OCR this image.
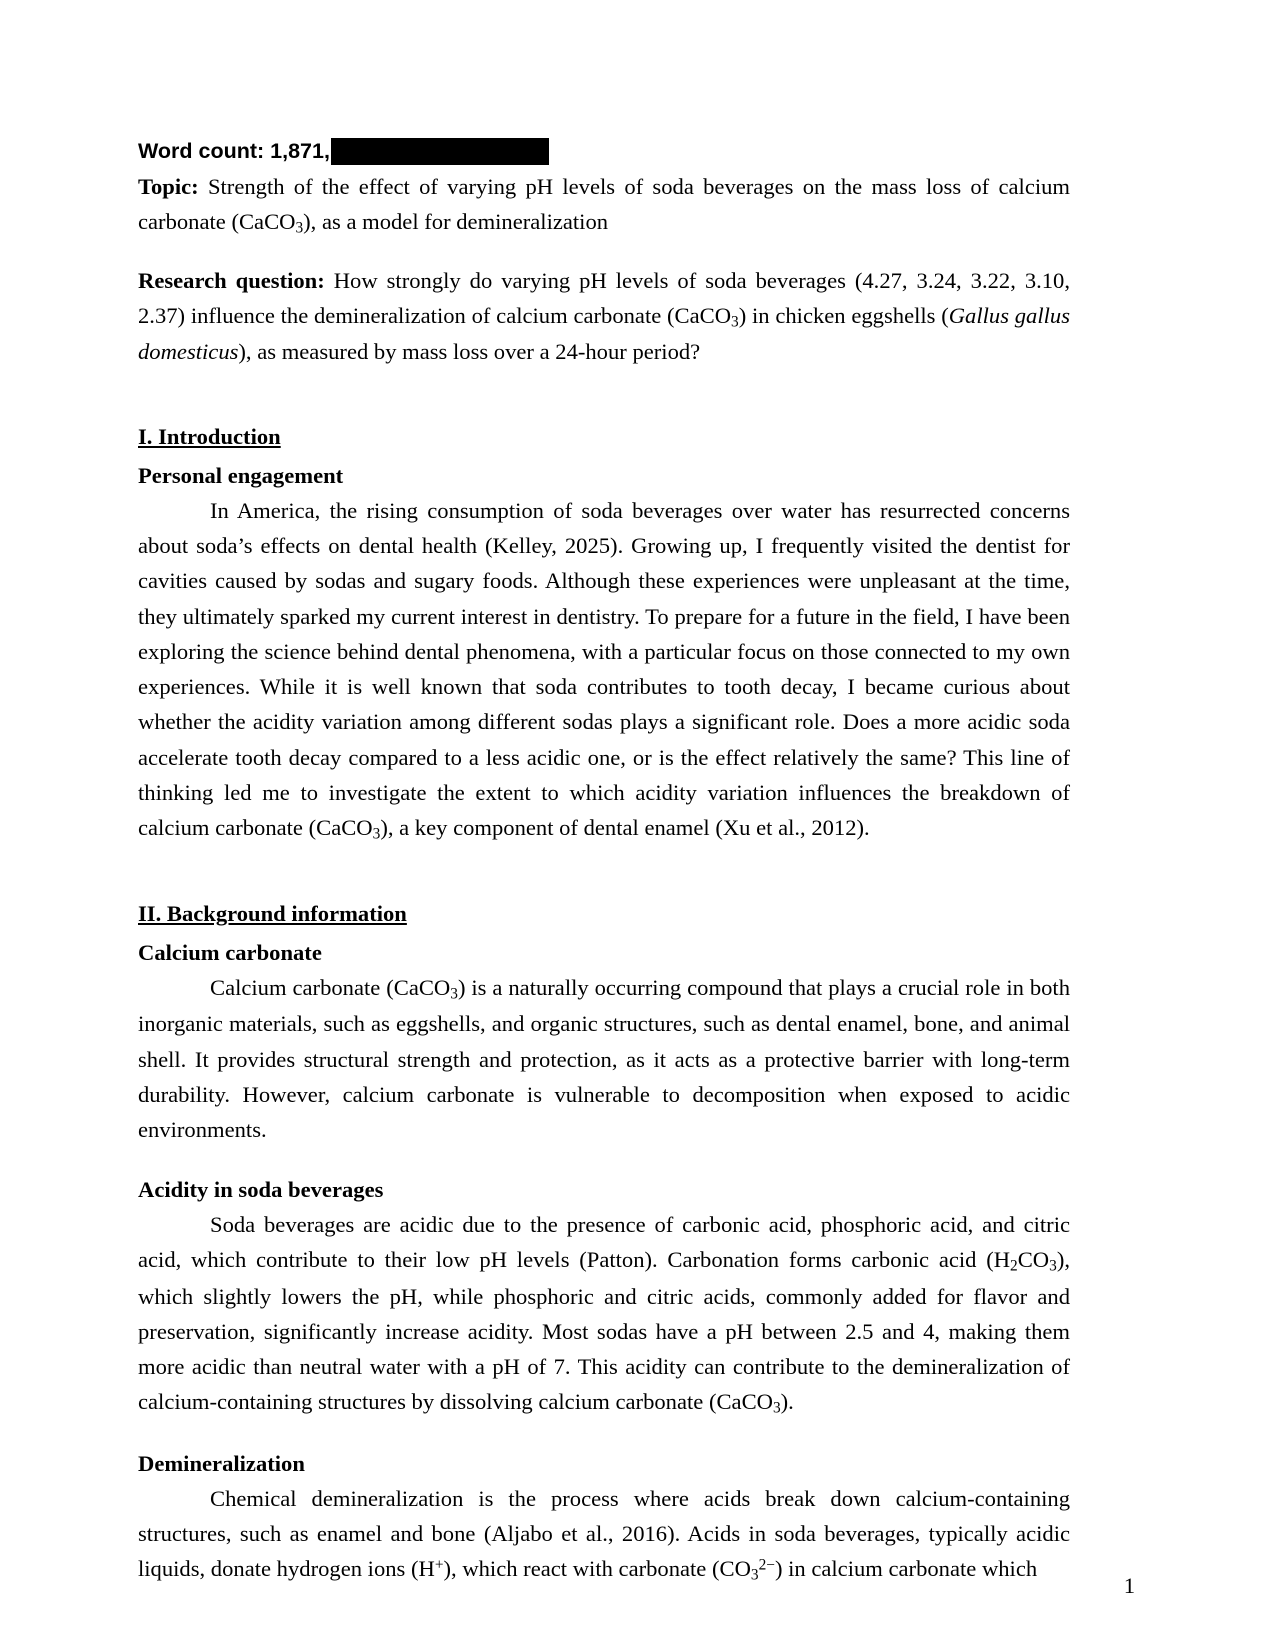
Word count: 1,871,

Topic: Strength of the effect of varying pH levels of soda beverages on the mass loss of calcium carbonate (CaCO$_3$), as a model for demineralization

Research question: How strongly do varying pH levels of soda beverages (4.27, 3.24, 3.22, 3.10, 2.37) influence the demineralization of calcium carbonate (CaCO$_3$) in chicken eggshells (Gallus gallus domesticus), as measured by mass loss over a 24-hour period?

I. Introduction
Personal engagement

In America, the rising consumption of soda beverages over water has resurrected concerns about soda’s effects on dental health (Kelley, 2025). Growing up, I frequently visited the dentist for cavities caused by sodas and sugary foods. Although these experiences were unpleasant at the time, they ultimately sparked my current interest in dentistry. To prepare for a future in the field, I have been exploring the science behind dental phenomena, with a particular focus on those connected to my own experiences. While it is well known that soda contributes to tooth decay, I became curious about whether the acidity variation among different sodas plays a significant role. Does a more acidic soda accelerate tooth decay compared to a less acidic one, or is the effect relatively the same? This line of thinking led me to investigate the extent to which acidity variation influences the breakdown of calcium carbonate (CaCO$_3$), a key component of dental enamel (Xu et al., 2012).

II. Background information
Calcium carbonate

Calcium carbonate (CaCO$_3$) is a naturally occurring compound that plays a crucial role in both inorganic materials, such as eggshells, and organic structures, such as dental enamel, bone, and animal shell. It provides structural strength and protection, as it acts as a protective barrier with long-term durability. However, calcium carbonate is vulnerable to decomposition when exposed to acidic environments.

Acidity in soda beverages

Soda beverages are acidic due to the presence of carbonic acid, phosphoric acid, and citric acid, which contribute to their low pH levels (Patton). Carbonation forms carbonic acid $(H_2CO_3)$, which slightly lowers the pH, while phosphoric and citric acids, commonly added for flavor and preservation, significantly increase acidity. Most sodas have a pH between 2.5 and 4, making them more acidic than neutral water with a pH of 7. This acidity can contribute to the demineralization of calcium-containing structures by dissolving calcium carbonate (CaCO$_3$).

Demineralization

Chemical demineralization is the process where acids break down calcium-containing structures, such as enamel and bone (Aljabo et al., 2016). Acids in soda beverages, typically acidic liquids, donate hydrogen ions (H+), which react with carbonate $(CO_3^{2-})$ in calcium carbonate which

1
